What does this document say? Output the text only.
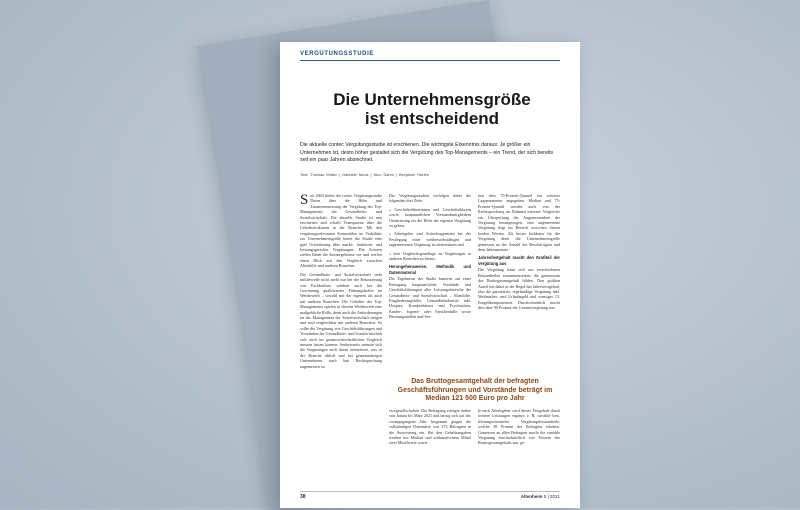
VERGÜTUNGSSTUDIE
Die Unternehmensgröße
ist entscheidend

Die aktuelle contec Vergütungsstudie ist erschienen. Die wichtigste Erkenntnis daraus: Je größer ein Unternehmen ist, desto höher gestaltet sich die Vergütung des Top-Managements – ein Trend, der sich bereits seit ein paar Jahren abzeichnet.

Text: Thomas Müller | Gabriele Moos | Nico Dahm | Benjamin Herten

Seit 2004 liefert die contec Vergütungsstudie Daten über die Höhe und Zusammensetzung der Vergütung des Top-Managements der Gesundheits- und Sozialwirtschaft. Die aktuelle Studie ist nun erschienen und schafft Transparenz über die Gehaltsstrukturen in der Branche. Mit den vergütungsrelevanten Kennzahlen im Verhältnis zur Unternehmensgröße bietet die Studie eine gute Orientierung über markt-, funktions- und leistungsgerechte Vergütungen. Die Autoren stellen Ihnen die Kernergebnisse vor und werfen einen Blick auf den Vergleich zwischen Altenhilfe und anderen Branchen.

Die Gesundheits- und Sozialwirtschaft steht mittlerweile nicht mehr nur bei der Rekrutierung von Fachkräften, sondern auch bei der Gewinnung qualifizierter Führungskräfte im Wettbewerb – sowohl mit der eigenen als auch mit anderen Branchen. Die Gehälter des Top-Managements spielen in diesem Wettbewerb eine maßgebliche Rolle, denn auch die Anforderungen an das Management der Sozialwirtschaft steigen und sind vergleichbar mit anderen Branchen. So sollte die Vergütung von Geschäftsführungen und Vorständen der Gesundheits- und Sozialwirtschaft sich auch im gesamtwirtschaftlichen Vergleich messen lassen können. Andererseits müssen sich die Vergütungen auch daran orientieren, was in der Branche üblich und bei gemeinnützigen Unternehmen auch laut Rechtsprechung angemessen ist.

Die Vergütungsstudien verfolgen daher die folgenden drei Ziele:

» Geschäftsführerinnen und Geschäftsführern sowie hauptamtlichen Vorstandsmitgliedern Orientierung für die Höhe der eigenen Vergütung zu geben,

» Arbeitgeber und Aufsichtsgremien bei der Festlegung einer wettbewerbsfähigen und angemessenen Vergütung zu unterstützen und

» eine Vergleichsgrundlage zu Vergütungen in anderen Branchen zu bieten.

Herangehensweise, Methodik und Datenmaterial

Die Ergebnisse der Studie basieren auf einer Befragung hauptamtlicher Vorstände und Geschäftsführungen aller Leistungsbereiche der Gesundheits- und Sozialwirtschaft – Altenhilfe, Eingliederungshilfe, Gesundheitsdienste inkl. Hospize, Krankenhäuser und Psychiatrien, Kinder-, Jugend- oder Familienhilfe sowie Beratungsstellen und Ser-

nen dem 75-Prozent-Quantil ein weiterer Lageparameter angegeben. Median und 75-Prozent-Quantil werden auch von der Rechtsprechung im Rahmen externer Vergleiche zur Überprüfung der Angemessenheit der Vergütung herangezogen, eine angemessene Vergütung liegt im Bereich zwischen diesen beiden Werten. Als bester Indikator für die Vergütung dient die Unternehmensgröße gemessen an der Anzahl der Beschäftigten und dem Jahresumsatz.

Jahresfestgehalt macht den Großteil der Vergütung aus

Die Vergütung kann sich aus verschiedenen Bestandteilen zusammensetzen, die gemeinsam das Bruttogesamtgehalt bilden. Den größten Anteil hat dabei in der Regel das Jahresfestgehalt, also die garantierte, regelmäßige Vergütung inkl. Weihnachts- und Urlaubsgeld und sonstiger 13. Entgeltkomponenten. Durchschnittlich macht dies über 90 Prozent der Gesamtvergütung aus.

Das Bruttogesamtgehalt der befragten Geschäftsführungen und Vorstände beträgt im Median 121 500 Euro pro Jahr

vicegesellschaften. Die Befragung erfolgte online von Januar bis März 2021 und bezog sich auf das vorangegangene Jahr. Insgesamt gingen die vollständigen Datensätze von 373 Befragten in die Auswertung ein. Bei den Gehaltsangaben werden mit Median und arithmetischem Mittel zwei Mittelwerte sowie

le nach Arbeitgeber wird dieses Festgehalt durch weitere Leistungen ergänzt, z. B. variable bzw. leistungsorientierte Vergütungsbestandteile, welche 38 Prozent der Befragten erhalten. Gemessen an allen Befragten macht die variable Vergütung durchschnittlich vier Prozent des Bruttogesamtgehalts aus, ge-

38	Altenheim 5 | 2021
